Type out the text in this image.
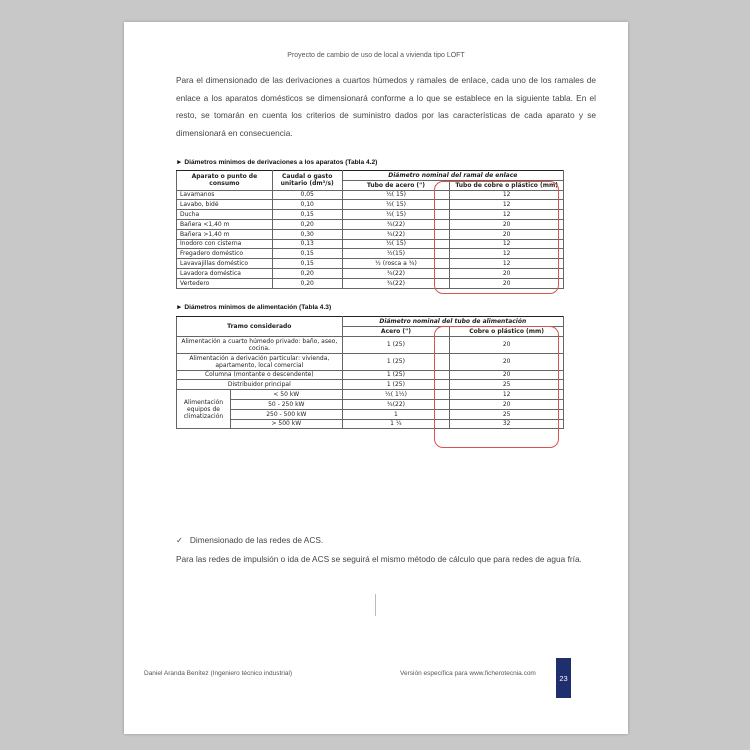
Proyecto de cambio de uso de local a vivienda tipo LOFT
Para el dimensionado de las derivaciones a cuartos húmedos y ramales de enlace, cada uno de los ramales de enlace a los aparatos domésticos se dimensionará conforme a lo que se establece en la siguiente tabla. En el resto, se tomarán en cuenta los criterios de suministro dados por las características de cada aparato y se dimensionará en consecuencia.
► Diámetros mínimos de derivaciones a los aparatos (Tabla 4.2)
Aparato o punto de consumo	Caudal o gasto unitario (dm³/s)	Diámetro nominal del ramal de enlace	
		Tubo de acero (")	Tubo de cobre o plástico (mm)
Lavamanos	0,05	½( 15)	12
Lavabo, bidé	0,10	½( 15)	12
Ducha	0,15	½( 15)	12
Bañera <1,40 m	0,20	¾(22)	20
Bañera >1,40 m	0,30	¾(22)	20
Inodoro con cisterna	0,13	½( 15)	12
Fregadero doméstico	0,15	½(15)	12
Lavavajillas doméstico	0,15	½ (rosca a ¾)	12
Lavadora doméstica	0,20	¾(22)	20
Vertedero	0,20	¾(22)	20
► Diámetros mínimos de alimentación (Tabla 4.3)
Tramo considerado		Diámetro nominal del tubo de alimentación	
		Acero (")	Cobre o plástico (mm)
Alimentación a cuarto húmedo privado: baño, aseo, cocina.		1 (25)	20
Alimentación a derivación particular: vivienda, apartamento, local comercial		1 (25)	20
Columna (montante o descendente)		1 (25)	20
Distribuidor principal		1 (25)	25
Alimentación equipos de climatización	< 50 kW	½( 1½)	12
	50 - 250 kW	¾(22)	20
	250 - 500 kW	1	25
	> 500 kW	1 ¼	32
✓ Dimensionado de las redes de ACS.
Para las redes de impulsión o ida de ACS se seguirá el mismo método de cálculo que para redes de agua fría.
Daniel Aranda Benítez (Ingeniero técnico industrial)	Versión específica para www.ficherotecnia.com	23
